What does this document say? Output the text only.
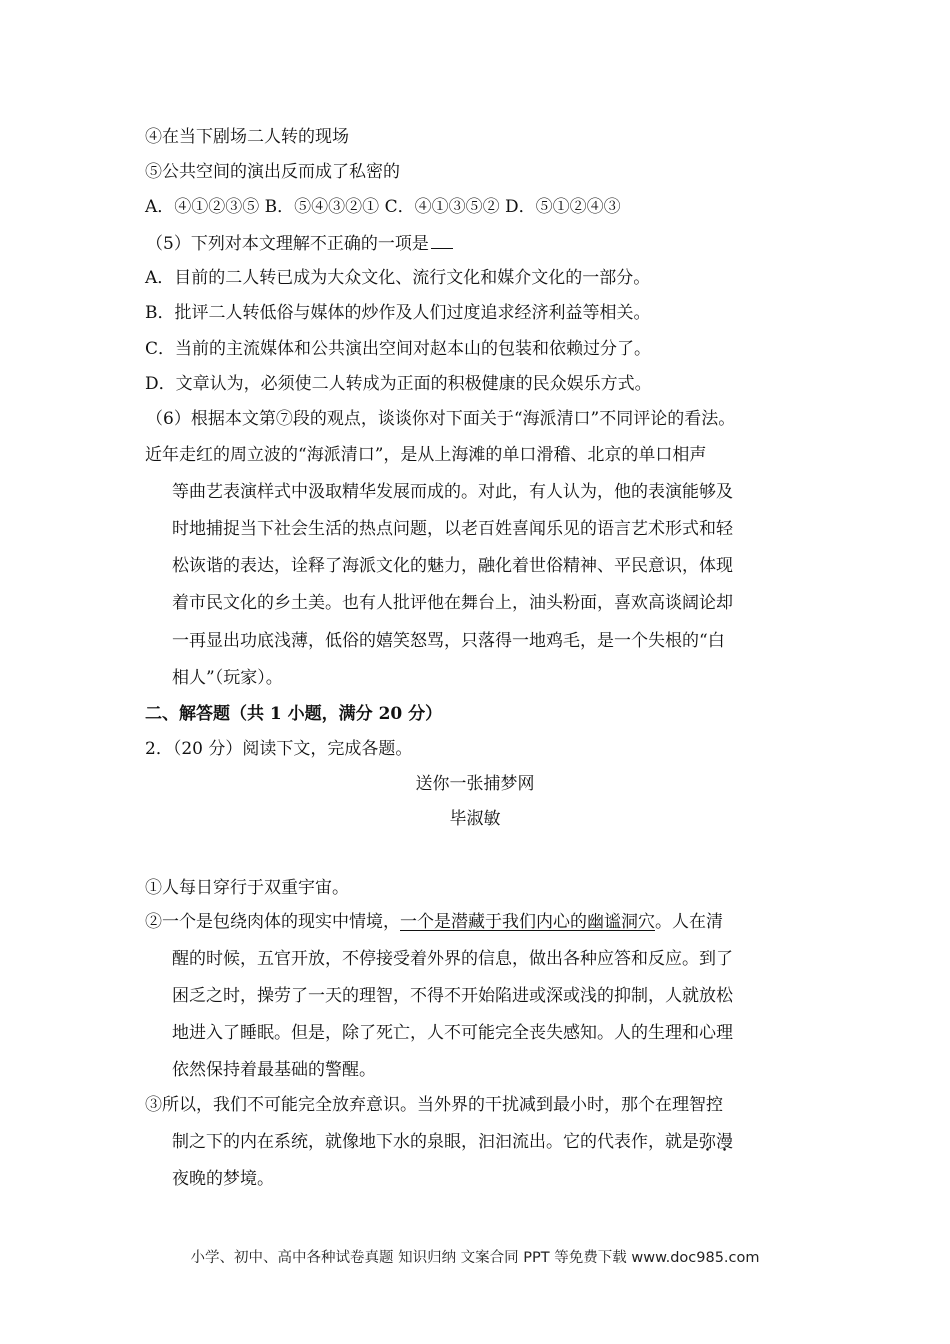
④在当下剧场二人转的现场
⑤公共空间的演出反而成了私密的
A．④①②③⑤ B．⑤④③②① C．④①③⑤② D．⑤①②④③
（5）下列对本文理解不正确的一项是
A．目前的二人转已成为大众文化、流行文化和媒介文化的一部分。
B．批评二人转低俗与媒体的炒作及人们过度追求经济利益等相关。
C．当前的主流媒体和公共演出空间对赵本山的包装和依赖过分了。
D．文章认为，必须使二人转成为正面的积极健康的民众娱乐方式。
（6）根据本文第⑦段的观点，谈谈你对下面关于“海派清口”不同评论的看法。
近年走红的周立波的“海派清口”，是从上海滩的单口滑稽、北京的单口相声
等曲艺表演样式中汲取精华发展而成的。对此，有人认为，他的表演能够及
时地捕捉当下社会生活的热点问题，以老百姓喜闻乐见的语言艺术形式和轻
松诙谐的表达，诠释了海派文化的魅力，融化着世俗精神、平民意识，体现
着市民文化的乡土美。也有人批评他在舞台上，油头粉面，喜欢高谈阔论却
一再显出功底浅薄，低俗的嬉笑怒骂，只落得一地鸡毛，是一个失根的“白
相人”（玩家）。
二、解答题（共 1 小题，满分 20 分）
2．（20 分）阅读下文，完成各题。
送你一张捕梦网
毕淑敏
①人每日穿行于双重宇宙。
②一个是包绕肉体的现实中情境，一个是潜藏于我们内心的幽谧洞穴。人在清
醒的时候，五官开放，不停接受着外界的信息，做出各种应答和反应。到了
困乏之时，操劳了一天的理智，不得不开始陷进或深或浅的抑制，人就放松
地进入了睡眠。但是，除了死亡，人不可能完全丧失感知。人的生理和心理
依然保持着最基础的警醒。
③所以，我们不可能完全放弃意识。当外界的干扰减到最小时，那个在理智控
制之下的内在系统，就像地下水的泉眼，汩汩流出。它的代表作，就是弥漫
夜晚的梦境。
小学、初中、高中各种试卷真题 知识归纳 文案合同 PPT 等免费下载 www.doc985.com
